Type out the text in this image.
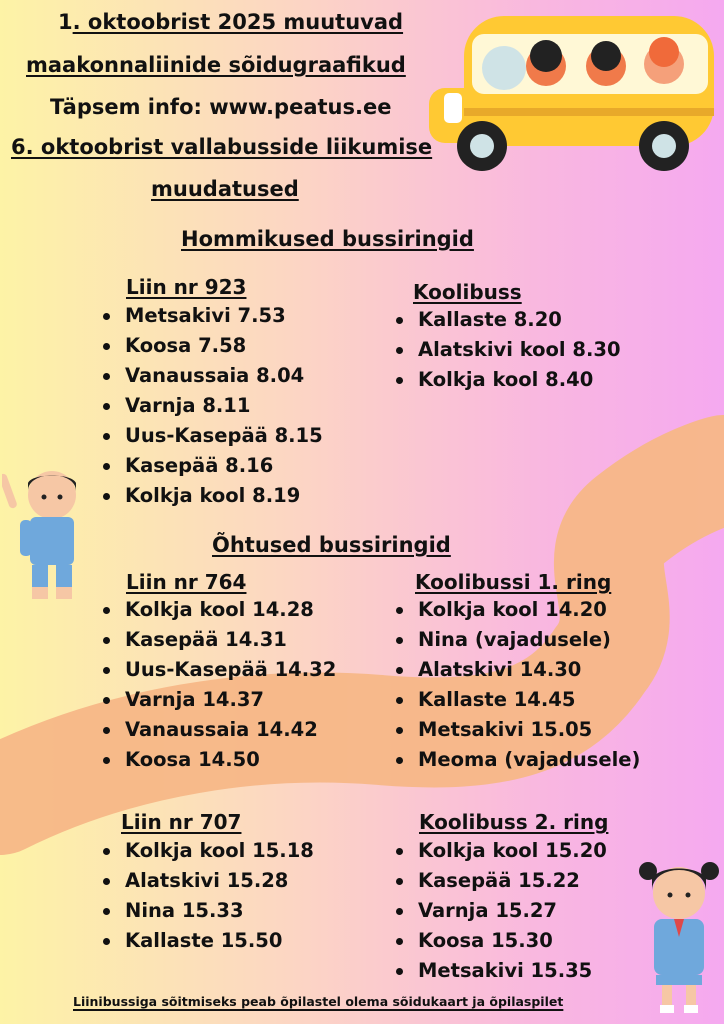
1. oktoobrist 2025 muutuvad
maakonnaliinide sõidugraafikud
Täpsem info: www.peatus.ee
6. oktoobrist vallabusside liikumise
muudatused
Hommikused bussiringid
Liin nr 923
Metsakivi 7.53
Koosa 7.58
Vanaussaia 8.04
Varnja 8.11
Uus-Kasepää 8.15
Kasepää 8.16
Kolkja kool 8.19
Koolibuss
Kallaste 8.20
Alatskivi kool 8.30
Kolkja kool 8.40
Õhtused bussiringid
Liin nr 764
Kolkja kool 14.28
Kasepää 14.31
Uus-Kasepää 14.32
Varnja 14.37
Vanaussaia 14.42
Koosa 14.50
Koolibussi 1. ring
Kolkja kool 14.20
Nina (vajadusele)
Alatskivi 14.30
Kallaste 14.45
Metsakivi 15.05
Meoma (vajadusele)
Liin nr 707
Kolkja kool 15.18
Alatskivi 15.28
Nina 15.33
Kallaste 15.50
Koolibuss 2. ring
Kolkja kool 15.20
Kasepää 15.22
Varnja 15.27
Koosa 15.30
Metsakivi 15.35
Liinibussiga sõitmiseks peab õpilastel olema sõidukaart ja õpilaspilet
